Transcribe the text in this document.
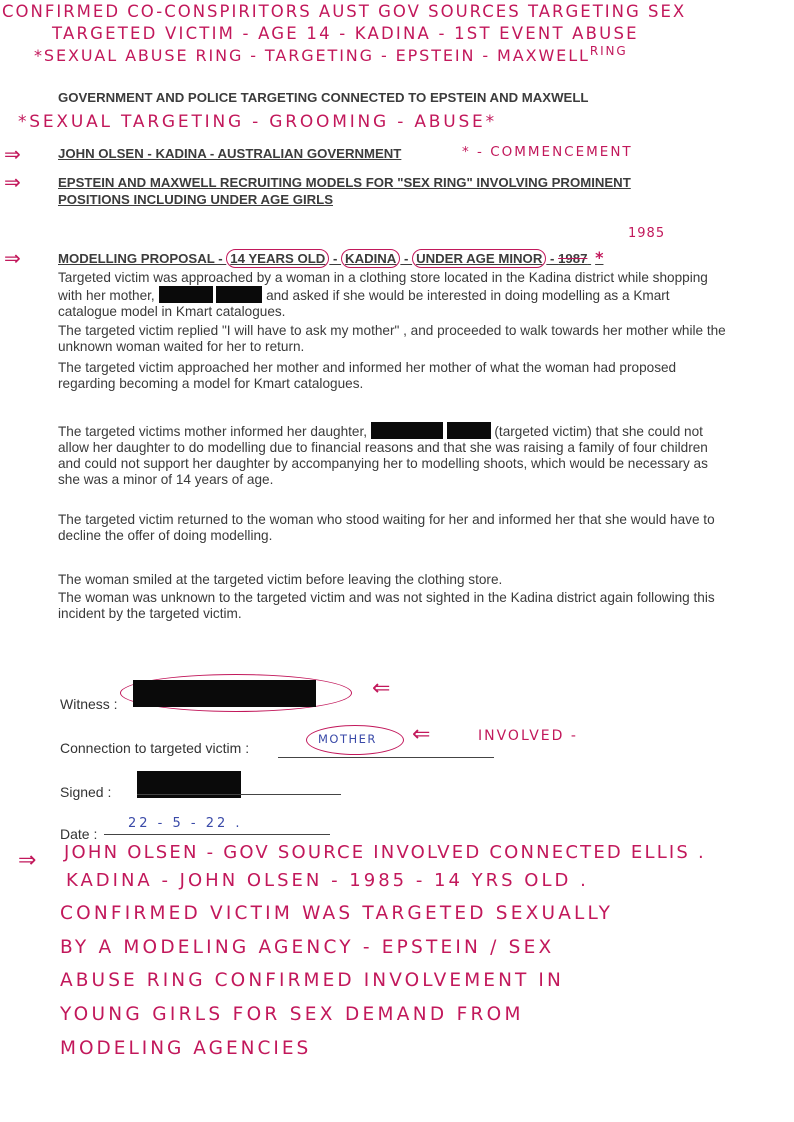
CONFIRMED CO-CONSPIRITORS AUST GOV SOURCES TARGETING SEX
TARGETED VICTIM - AGE 14 - KADINA - 1ST EVENT ABUSE
*SEXUAL ABUSE RING - TARGETING - EPSTEIN - $MAXWELL^{RING}$
GOVERNMENT AND POLICE TARGETING CONNECTED TO EPSTEIN AND MAXWELL
*SEXUAL TARGETING - GROOMING - ABUSE*
⇒	JOHN OLSEN - KADINA - AUSTRALIAN GOVERNMENT	* - COMMENCEMENT
⇒	EPSTEIN AND MAXWELL RECRUITING MODELS FOR "SEX RING" INVOLVING PROMINENT
POSITIONS INCLUDING UNDER AGE GIRLS
1985
⇒	MODELLING PROPOSAL - 14 YEARS OLD - KADINA - UNDER AGE MINOR - 1987 *
Targeted victim was approached by a woman in a clothing store located in the Kadina district while shopping with her mother,	and asked if she would be interested in doing modelling as a Kmart catalogue model in Kmart catalogues.
The targeted victim replied "I will have to ask my mother" , and proceeded to walk towards her mother while the unknown woman waited for her to return.
The targeted victim approached her mother and informed her mother of what the woman had proposed regarding becoming a model for Kmart catalogues.
The targeted victims mother informed her daughter,	(targeted victim) that she could not allow her daughter to do modelling due to financial reasons and that she was raising a family of four children and could not support her daughter by accompanying her to modelling shoots, which would be necessary as she was a minor of 14 years of age.
The targeted victim returned to the woman who stood waiting for her and informed her that she would have to decline the offer of doing modelling.
The woman smiled at the targeted victim before leaving the clothing store.
The woman was unknown to the targeted victim and was not sighted in the Kadina district again following this incident by the targeted victim.
Witness :
⇐
Connection to targeted victim :
MOTHER ⇐	INVOLVED -
Signed :
Date :
22 - 5 - 22 .
⇒ JOHN OLSEN - GOV SOURCE INVOLVED CONNECTED ELLIS .
KADINA - JOHN OLSEN - 1985 - 14 YRS OLD .
CONFIRMED VICTIM WAS TARGETED SEXUALLY
BY A MODELING AGENCY - EPSTEIN / SEX
ABUSE RING CONFIRMED INVOLVEMENT IN
YOUNG GIRLS FOR SEX DEMAND FROM
MODELING AGENCIES
